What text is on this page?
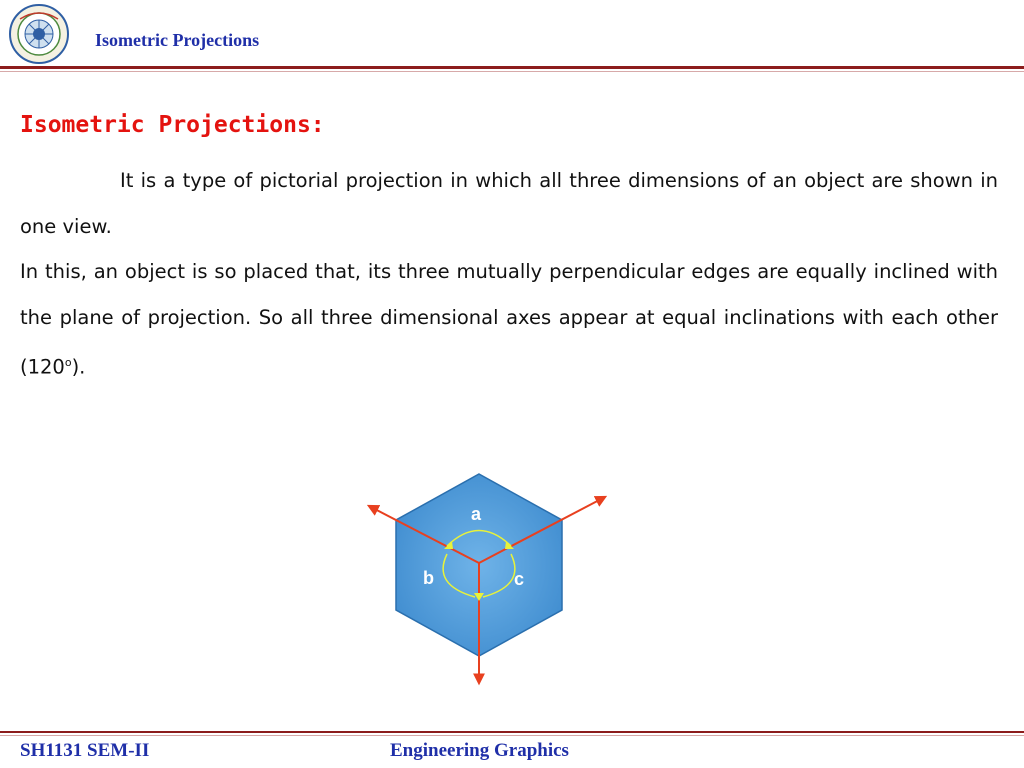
Isometric Projections
Isometric Projections:

It is a type of pictorial projection in which all three dimensions of an object are shown in one view.

In this, an object is so placed that, its three mutually perpendicular edges are equally inclined with the plane of projection. So all three dimensional axes appear at equal inclinations with each other (120$^o$).

a
b	c
SH1131 SEM-II	Engineering Graphics
